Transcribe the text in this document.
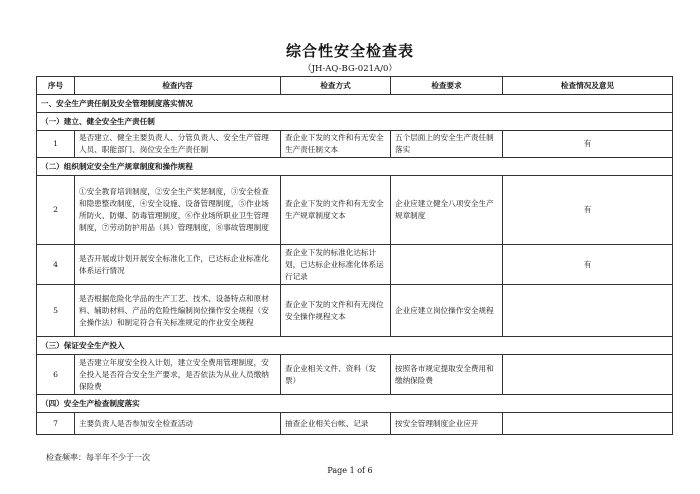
综合性安全检查表
（JH-AQ-BG-021A/0）
序号	检查内容	检查方式	检查要求	检查情况及意见
一、安全生产责任制及安全管理制度落实情况				
（一）建立、健全安全生产责任制				
1	是否建立、健全主要负责人、分管负责人、安全生产管理人员、职能部门、岗位安全生产责任制	查企业下发的文件和有无安全生产责任制文本	五个层面上的安全生产责任制落实	有
（二）组织制定安全生产规章制度和操作规程				
2	①安全教育培训制度，②安全生产奖惩制度，③安全检查和隐患整改制度，④安全设施、设备管理制度，⑤作业场所防火、防爆、防毒管理制度，⑥作业场所职业卫生管理制度，⑦劳动防护用品（具）管理制度，⑧事故管理制度	查企业下发的文件和有无安全生产规章制度文本	企业应建立健全八项安全生产规章制度	有
4	是否开展或计划开展安全标准化工作，已达标企业标准化体系运行情况	查企业下发的标准化达标计划，已达标企业标准化体系运行记录		有
5	是否根据危险化学品的生产工艺、技术、设备特点和原材料、辅助材料、产品的危险性编制岗位操作安全规程（安全操作法）和制定符合有关标准规定的作业安全规程	查企业下发的文件和有无岗位安全操作规程文本	企业应建立岗位操作安全规程	
（三）保证安全生产投入				
6	是否建立年度安全投入计划，建立安全费用管理制度，安全投入是否符合安全生产要求，是否依法为从业人员缴纳保险费	查企业相关文件、资料（发票）	按照各市规定提取安全费用和缴纳保险费	
（四）安全生产检查制度落实				
7	主要负责人是否参加安全检查活动	抽查企业相关台帐、记录	按安全管理制度企业应开	
检查频率：每半年不少于一次
Page 1 of 6
